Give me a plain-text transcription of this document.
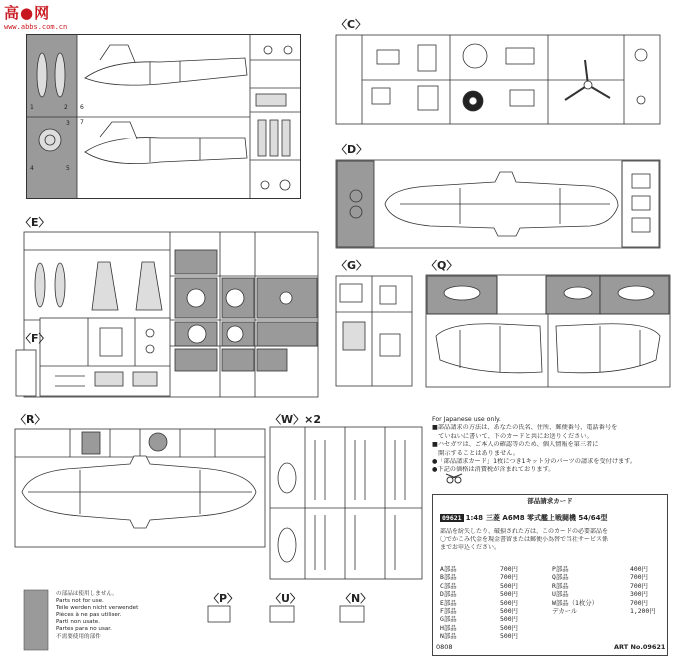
高●网
www.abbs.com.cn
1	2
3
4	5
6
7
〈C〉
〈D〉
〈E〉
〈F〉
〈G〉	〈Q〉
〈R〉	〈W〉×2
〈P〉	〈U〉	〈N〉
の部品は使用しません。
Parts not for use.
Teile werden nicht verwendet
Pièces à ne pas utiliser.
Parti non usate.
Partes para no usar.
不需要使用的部件
For Japanese use only.
■部品請求の方法は、あなたの氏名、住所、郵便番号、電話番号を
　ていねいに書いて、下のカードと共にお送りください。
■ハセガワは、ご本人の確認等のため、個人情報を第三者に
　開示することはありません。
●「部品請求カード」1枚につき1キット分のパーツの請求を受付けます。
●下記の価格は消費税が含まれております。
部品請求カード
09621 1:48 三菱 A6M8 零式艦上戦闘機 54/64型
部品を紛失したり、破損された方は、このカードの必要部品を
〇でかこみ代金を現金書留または郵便小為替で当社サービス係
までお申込ください。
A部品	700円	P部品	400円
B部品	700円	Q部品	700円
C部品	500円	R部品	700円
D部品	500円	U部品	300円
E部品	500円	W部品（1枚分）	700円
F部品	500円	デカール	1,200円
G部品	500円
H部品	500円
N部品	500円
ART No.09621
0808
